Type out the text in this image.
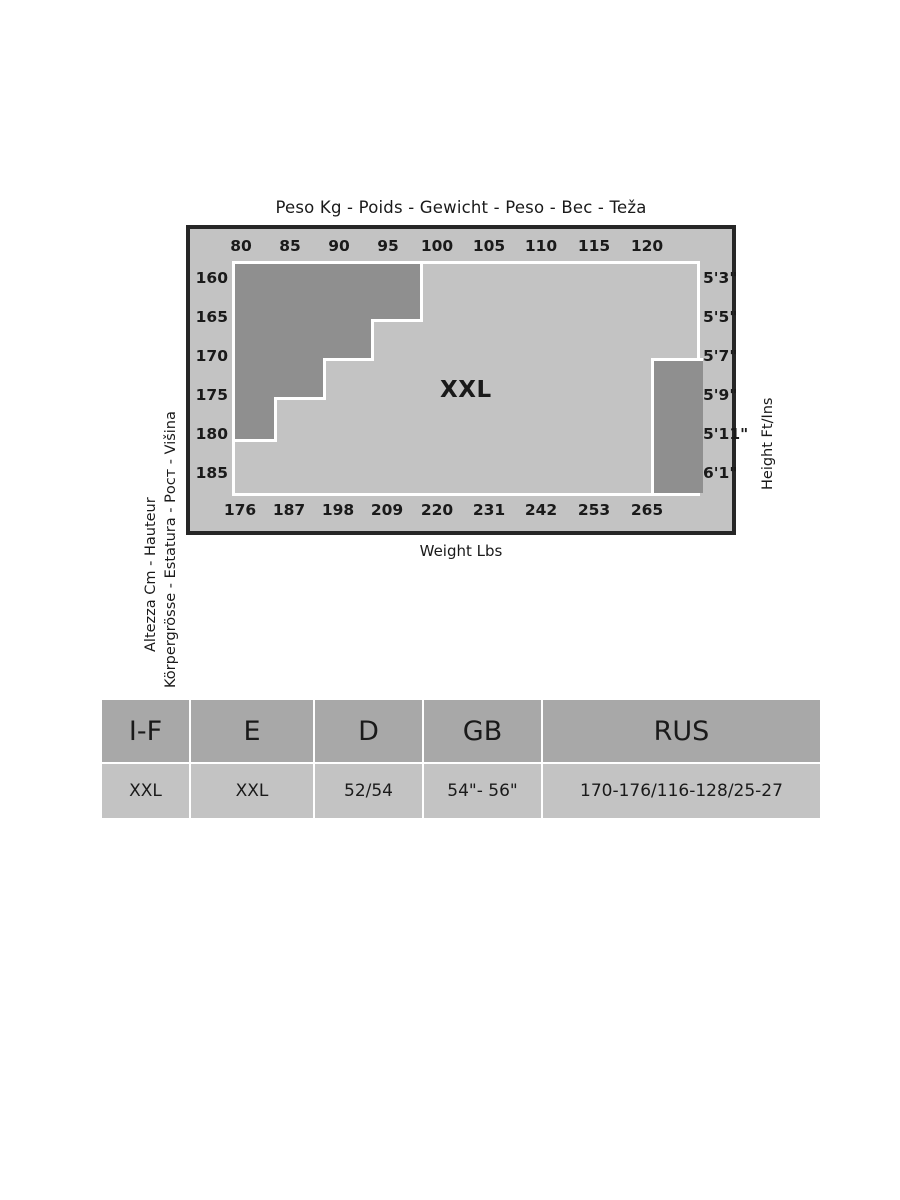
Peso Kg - Poids - Gewicht - Peso - Вес - Teža
Altezza Cm - Hauteur Körpergrösse - Estatura - Рост - Višina	Height Ft/Ins
80	85	90	95	100	105	110	115	120
176	187	198	209	220	231	242	253	265
160
165
170
175
180
185
5'3"
5'5"
5'7"
5'9"
5'11"
6'1"
XXL
Weight Lbs
I-F	E	D	GB	RUS
XXL	XXL	52/54	54"- 56"	170-176/116-128/25-27
